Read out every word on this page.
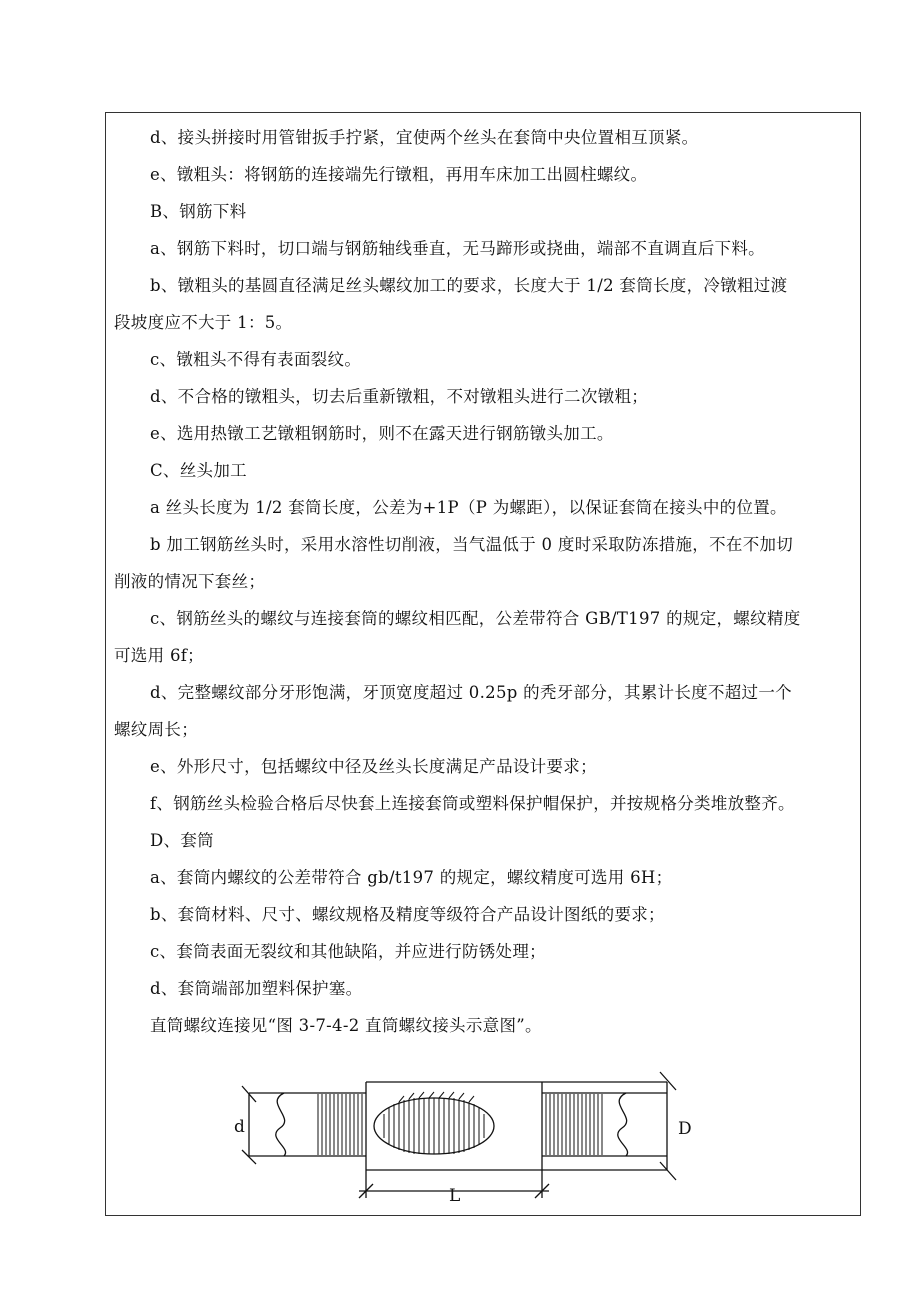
d、接头拼接时用管钳扳手拧紧，宜使两个丝头在套筒中央位置相互顶紧。
e、镦粗头：将钢筋的连接端先行镦粗，再用车床加工出圆柱螺纹。
B、钢筋下料
a、钢筋下料时，切口端与钢筋轴线垂直，无马蹄形或挠曲，端部不直调直后下料。
b、镦粗头的基圆直径满足丝头螺纹加工的要求，长度大于 1/2 套筒长度，冷镦粗过渡
段坡度应不大于 1：5。
c、镦粗头不得有表面裂纹。
d、不合格的镦粗头，切去后重新镦粗，不对镦粗头进行二次镦粗；
e、选用热镦工艺镦粗钢筋时，则不在露天进行钢筋镦头加工。
C、丝头加工
a 丝头长度为 1/2 套筒长度，公差为+1P（P 为螺距），以保证套筒在接头中的位置。
b 加工钢筋丝头时，采用水溶性切削液，当气温低于 0 度时采取防冻措施，不在不加切
削液的情况下套丝；
c、钢筋丝头的螺纹与连接套筒的螺纹相匹配，公差带符合 GB/T197 的规定，螺纹精度
可选用 6f；
d、完整螺纹部分牙形饱满，牙顶宽度超过 0.25p 的秃牙部分，其累计长度不超过一个
螺纹周长；
e、外形尺寸，包括螺纹中径及丝头长度满足产品设计要求；
f、钢筋丝头检验合格后尽快套上连接套筒或塑料保护帽保护，并按规格分类堆放整齐。
D、套筒
a、套筒内螺纹的公差带符合 gb/t197 的规定，螺纹精度可选用 6H；
b、套筒材料、尺寸、螺纹规格及精度等级符合产品设计图纸的要求；
c、套筒表面无裂纹和其他缺陷，并应进行防锈处理；
d、套筒端部加塑料保护塞。
直筒螺纹连接见“图 3-7-4-2 直筒螺纹接头示意图”。
d	D
L
